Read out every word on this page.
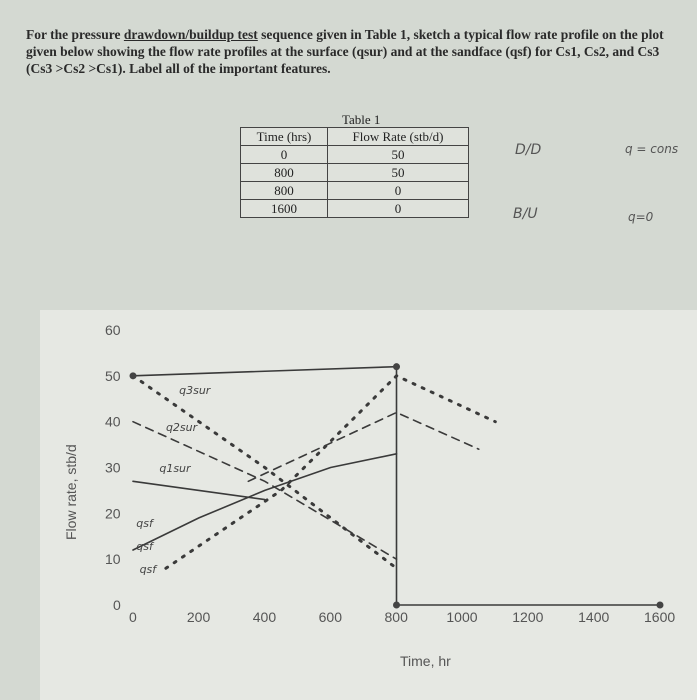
For the pressure drawdown/buildup test sequence given in Table 1, sketch a typical flow rate profile on the plot given below showing the flow rate profiles at the surface (qsur) and at the sandface (qsf) for Cs1, Cs2, and Cs3 (Cs3 >Cs2 >Cs1). Label all of the important features.
Table 1
Time (hrs)	Flow Rate (stb/d)
0	50
800	50
800	0
1600	0
D/D	q = cons
B/U	q=0
Flow rate, stb/d
Time, hr
0	200	400	600	800	1000 1200 1400 1600
0
10
20
30
40
50
60
q3sur
q2sur
q1sur
qsf
qsf
qsf
